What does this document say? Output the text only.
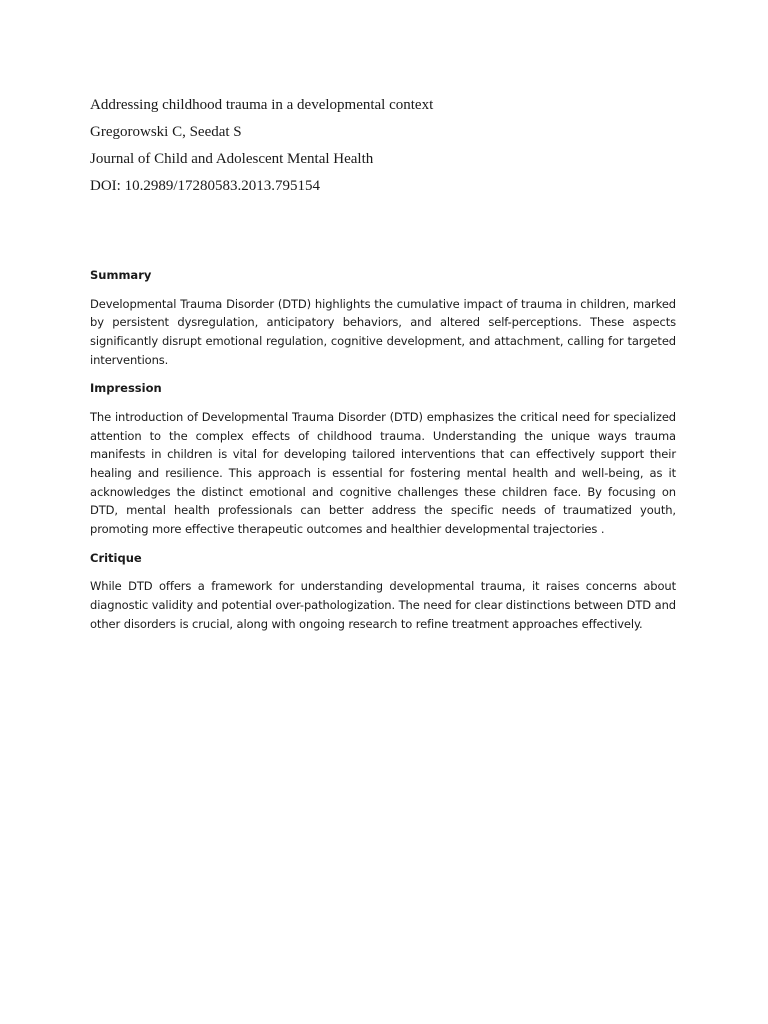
Addressing childhood trauma in a developmental context

Gregorowski C, Seedat S

Journal of Child and Adolescent Mental Health

DOI: 10.2989/17280583.2013.795154

Summary

Developmental Trauma Disorder (DTD) highlights the cumulative impact of trauma in children, marked by persistent dysregulation, anticipatory behaviors, and altered self-perceptions. These aspects significantly disrupt emotional regulation, cognitive development, and attachment, calling for targeted interventions.

Impression

The introduction of Developmental Trauma Disorder (DTD) emphasizes the critical need for specialized attention to the complex effects of childhood trauma. Understanding the unique ways trauma manifests in children is vital for developing tailored interventions that can effectively support their healing and resilience. This approach is essential for fostering mental health and well-being, as it acknowledges the distinct emotional and cognitive challenges these children face. By focusing on DTD, mental health professionals can better address the specific needs of traumatized youth, promoting more effective therapeutic outcomes and healthier developmental trajectories .

Critique

While DTD offers a framework for understanding developmental trauma, it raises concerns about diagnostic validity and potential over-pathologization. The need for clear distinctions between DTD and other disorders is crucial, along with ongoing research to refine treatment approaches effectively.
